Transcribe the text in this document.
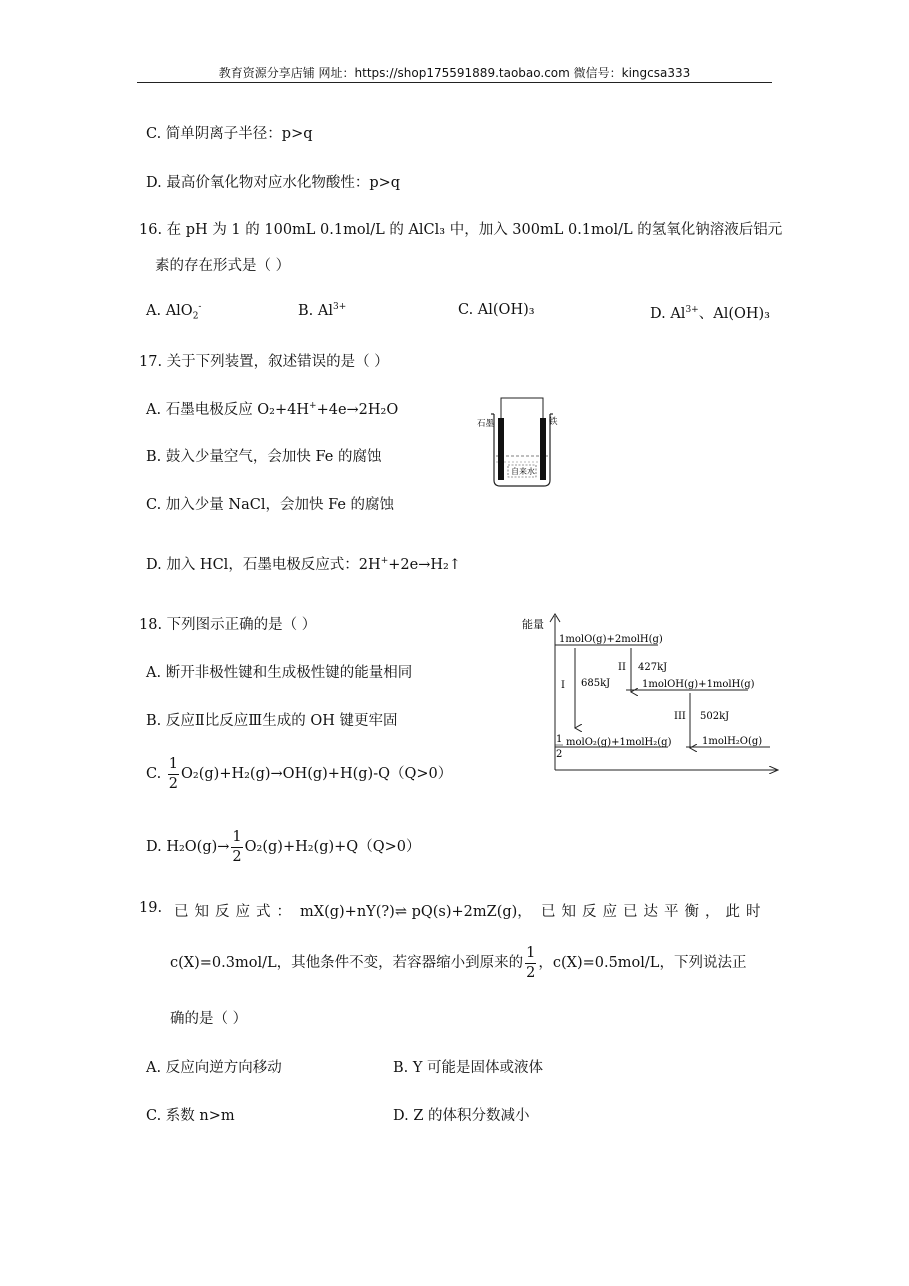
教育资源分享店铺 网址：https://shop175591889.taobao.com 微信号：kingcsa333
C. 简单阴离子半径：p>q
D. 最高价氧化物对应水化物酸性：p>q
16. 在 pH 为 1 的 100mL 0.1mol/L 的 AlCl₃ 中，加入 300mL 0.1mol/L 的氢氧化钠溶液后铝元
素的存在形式是（ ）
A. AlO$_2$-	B. $Al^{3+}$	C. Al(OH)₃	D. $Al^{3+}$、Al(OH)₃
17. 关于下列装置，叙述错误的是（ ）
A. 石墨电极反应 O₂+4H++4e→2H₂O
B. 鼓入少量空气，会加快 Fe 的腐蚀
C. 加入少量 NaCl，会加快 Fe 的腐蚀
D. 加入 HCl，石墨电极反应式：2H++2e→H₂↑
石墨	铁
自来水
18. 下列图示正确的是（ ）
A. 断开非极性键和生成极性键的能量相同
B. 反应Ⅱ比反应Ⅲ生成的 OH 键更牢固
C. $\frac{1}{2} O_2(g)+H_2(g)\to OH(g)+H(g)-Q(Q>0)$
D. $H_2O(g)\to \frac{1}{2} O_2(g)+H_2(g)+Q(Q>0)$
能量
1molO(g)+2molH(g)
1molOH(g)+1molH(g)
1
2
molO₂(g)+1molH₂(g)	1molH₂O(g)
I 685kJ
II 427kJ
III 502kJ
19. 已知反应式： mX(g)+nY(?)⇌ pQ(s)+2mZ(g)， 已知反应已达平衡，此时
c(X)=0.3mol/L，其他条件不变，若容器缩小到原来的 $\frac{1}{2}$ ，c(X)=0.5mol/L，下列说法正
确的是（ ）
A. 反应向逆方向移动	B. Y 可能是固体或液体
C. 系数 n>m	D. Z 的体积分数减小
